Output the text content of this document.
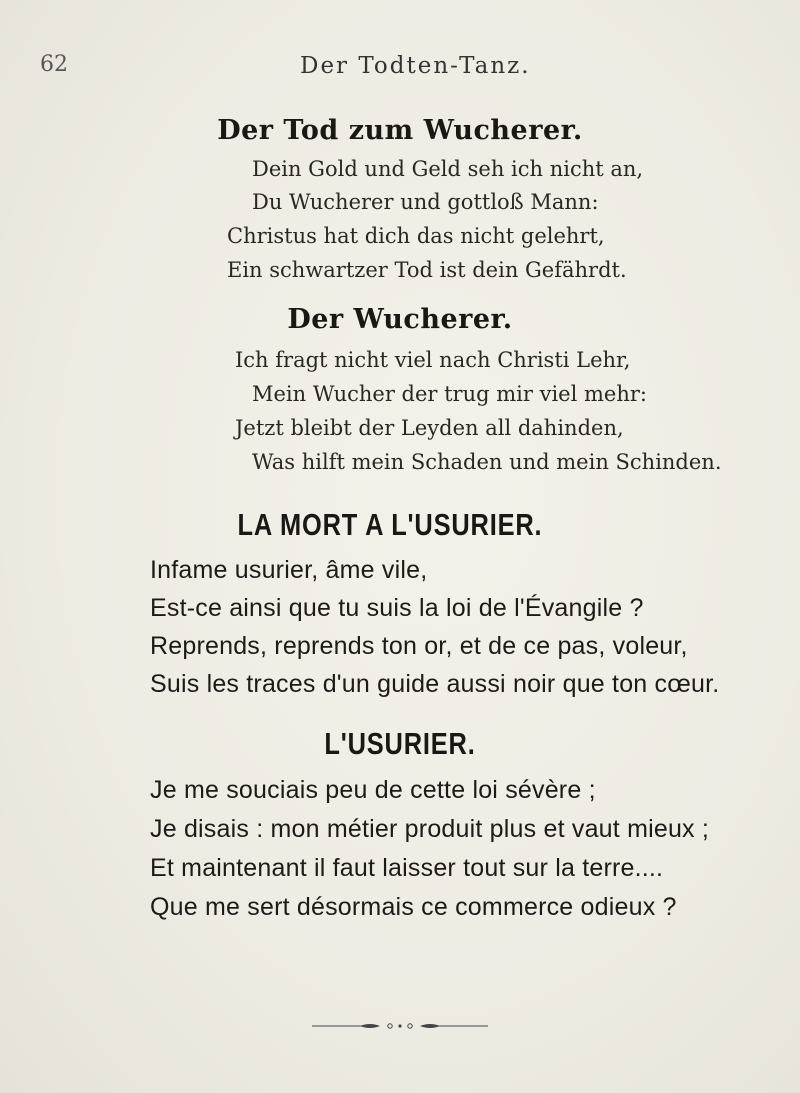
62	Der Todten-Tanz.
Der Tod zum Wucherer.
Dein Gold und Geld seh ich nicht an,
Du Wucherer und gottloß Mann:
Christus hat dich das nicht gelehrt,
Ein schwartzer Tod ist dein Gefährdt.
Der Wucherer.
Ich fragt nicht viel nach Christi Lehr,
Mein Wucher der trug mir viel mehr:
Jetzt bleibt der Leyden all dahinden,
Was hilft mein Schaden und mein Schinden.
LA MORT A L'USURIER.
Infame usurier, âme vile,
Est-ce ainsi que tu suis la loi de l'Évangile ?
Reprends, reprends ton or, et de ce pas, voleur,
Suis les traces d'un guide aussi noir que ton cœur.
L'USURIER.
Je me souciais peu de cette loi sévère ;
Je disais : mon métier produit plus et vaut mieux ;
Et maintenant il faut laisser tout sur la terre....
Que me sert désormais ce commerce odieux ?
